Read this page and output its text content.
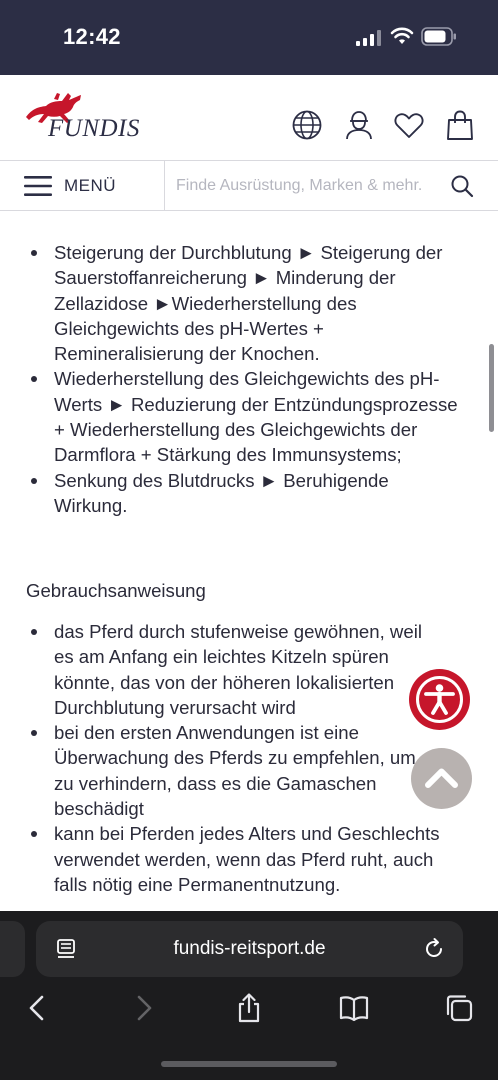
12:42
FUNDIS
MENÜ
Finde Ausrüstung, Marken & mehr.
Steigerung der Durchblutung ► Steigerung der Sauerstoffanreicherung ► Minderung der Zellazidose ►Wiederherstellung des Gleichgewichts des pH-Wertes + Remineralisierung der Knochen.
Wiederherstellung des Gleichgewichts des pH-Werts ► Reduzierung der Entzündungsprozesse + Wiederherstellung des Gleichgewichts der Darmflora + Stärkung des Immunsystems;
Senkung des Blutdrucks ► Beruhigende Wirkung.
Gebrauchsanweisung
das Pferd durch stufenweise gewöhnen, weil es am Anfang ein leichtes Kitzeln spüren könnte, das von der höheren lokalisierten Durchblutung verursacht wird
bei den ersten Anwendungen ist eine Überwachung des Pferds zu empfehlen, um zu verhindern, dass es die Gamaschen beschädigt
kann bei Pferden jedes Alters und Geschlechts verwendet werden, wenn das Pferd ruht, auch falls nötig eine Permanentnutzung.
fundis-reitsport.de
